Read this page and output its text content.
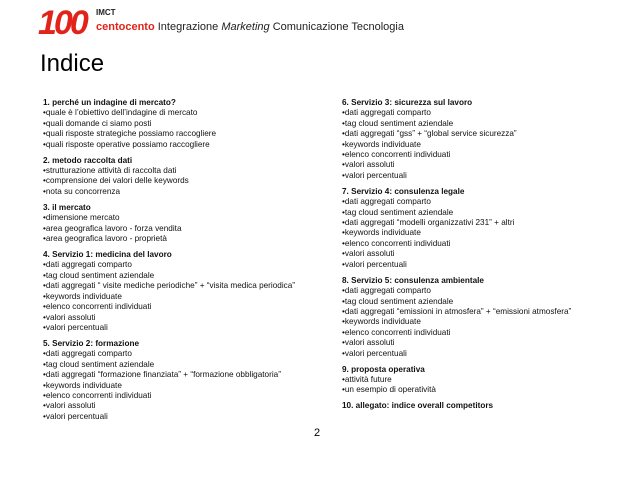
100 IMCT
centocento Integrazione Marketing Comunicazione Tecnologia
Indice
1. perché un indagine di mercato?
•quale è l’obiettivo dell’indagine di mercato
•quali domande ci siamo posti
•quali risposte strategiche possiamo raccogliere
•quali risposte operative possiamo raccogliere
2. metodo raccolta dati
•strutturazione attività di raccolta dati
•comprensione dei valori delle keywords
•nota su concorrenza
3. il mercato
•dimensione mercato
•area geografica lavoro - forza vendita
•area geografica lavoro - proprietà
4. Servizio 1: medicina del lavoro
•dati aggregati comparto
•tag cloud sentiment aziendale
•dati aggregati “ visite mediche periodiche” + “visita medica periodica”
•keywords individuate
•elenco concorrenti individuati
•valori assoluti
•valori percentuali
5. Servizio 2: formazione
•dati aggregati comparto
•tag cloud sentiment aziendale
•dati aggregati “formazione finanziata” + “formazione obbligatoria”
•keywords individuate
•elenco concorrenti individuati
•valori assoluti
•valori percentuali
6. Servizio 3: sicurezza sul lavoro
•dati aggregati comparto
•tag cloud sentiment aziendale
•dati aggregati “gss” + “global service sicurezza”
•keywords individuate
•elenco concorrenti individuati
•valori assoluti
•valori percentuali
7. Servizio 4: consulenza legale
•dati aggregati comparto
•tag cloud sentiment aziendale
•dati aggregati “modelli organizzativi 231” + altri
•keywords individuate
•elenco concorrenti individuati
•valori assoluti
•valori percentuali
8. Servizio 5: consulenza ambientale
•dati aggregati comparto
•tag cloud sentiment aziendale
•dati aggregati “emissioni in atmosfera” + “emissioni atmosfera”
•keywords individuate
•elenco concorrenti individuati
•valori assoluti
•valori percentuali
9. proposta operativa
•attività future
•un esempio di operatività
10. allegato: indice overall competitors
2
